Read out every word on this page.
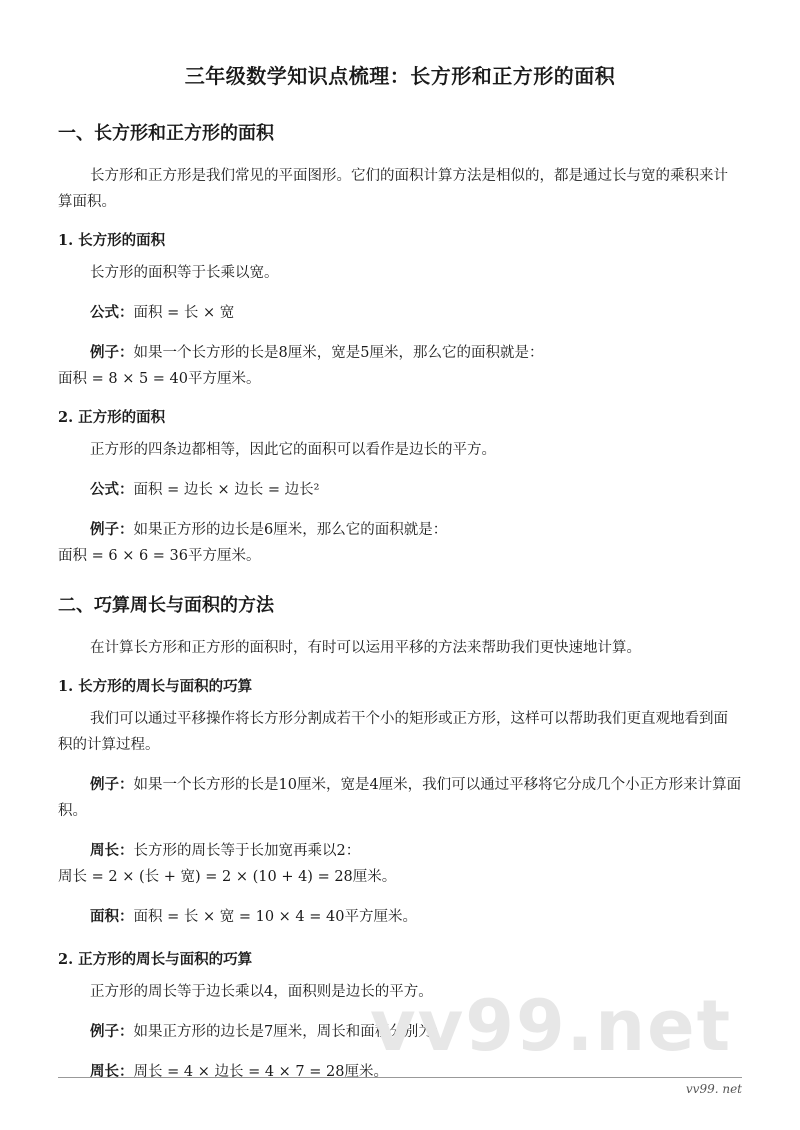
三年级数学知识点梳理：长方形和正方形的面积
一、长方形和正方形的面积
长方形和正方形是我们常见的平面图形。它们的面积计算方法是相似的，都是通过长与宽的乘积来计算面积。
1. 长方形的面积
长方形的面积等于长乘以宽。
公式：面积 = 长 × 宽
例子：如果一个长方形的长是8厘米，宽是5厘米，那么它的面积就是：
面积 = 8 × 5 = 40平方厘米。
2. 正方形的面积
正方形的四条边都相等，因此它的面积可以看作是边长的平方。
公式：面积 = 边长 × 边长 = 边长²
例子：如果正方形的边长是6厘米，那么它的面积就是：
面积 = 6 × 6 = 36平方厘米。
二、巧算周长与面积的方法
在计算长方形和正方形的面积时，有时可以运用平移的方法来帮助我们更快速地计算。
1. 长方形的周长与面积的巧算
我们可以通过平移操作将长方形分割成若干个小的矩形或正方形，这样可以帮助我们更直观地看到面积的计算过程。
例子：如果一个长方形的长是10厘米，宽是4厘米，我们可以通过平移将它分成几个小正方形来计算面积。
周长：长方形的周长等于长加宽再乘以2：
周长 = 2 × (长 + 宽) = 2 × (10 + 4) = 28厘米。
面积：面积 = 长 × 宽 = 10 × 4 = 40平方厘米。
2. 正方形的周长与面积的巧算
正方形的周长等于边长乘以4，面积则是边长的平方。
例子：如果正方形的边长是7厘米，周长和面积分别为：
周长：周长 = 4 × 边长 = 4 × 7 = 28厘米。
vv99.net
vv99. net
